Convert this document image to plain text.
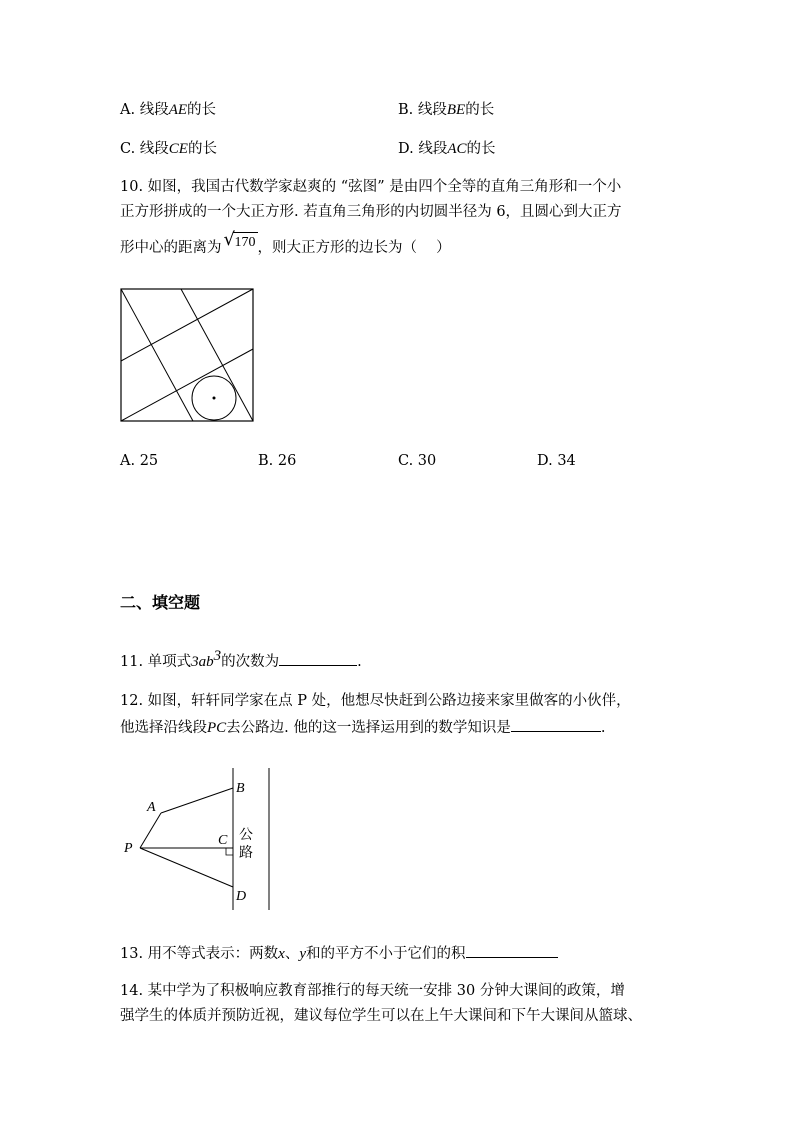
A. 线段AE的长	B. 线段BE的长
C. 线段CE的长	D. 线段AC的长
10. 如图，我国古代数学家赵爽的 “弦图” 是由四个全等的直角三角形和一个小
正方形拼成的一个大正方形. 若直角三角形的内切圆半径为 6，且圆心到大正方
形中心的距离为 √ 170 ，则大正方形的边长为（　 ）
A. 25	B. 26	C. 30	D. 34
二、填空题
11. 单项式$3ab^3$的次数为	.
12. 如图，轩轩同学家在点 P 处，他想尽快赶到公路边接来家里做客的小伙伴，
他选择沿线段PC去公路边. 他的这一选择运用到的数学知识是	.
A
B
C
D
P
公
路
13. 用不等式表示：两数x、y和的平方不小于它们的积
14. 某中学为了积极响应教育部推行的每天统一安排 30 分钟大课间的政策，增
强学生的体质并预防近视，建议每位学生可以在上午大课间和下午大课间从篮球、
